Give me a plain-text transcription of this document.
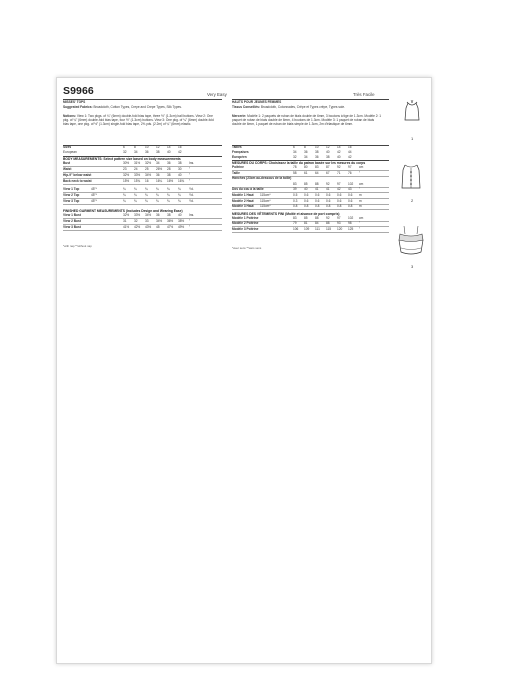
S9966	Very Easy	Très Facile
MISSES' TOPS
Suggested Fabrics: Broadcloth, Cotton Types, Crepe and Crepe Types, Silk Types.
Notions: View 1: Two pkgs. of ¼" (6mm) double-fold bias tape, three ½" (1.3cm) ball buttons. View 2: One pkg. of ¼" (6mm) double-fold bias tape, four ½" (1.3cm) buttons. View 3: One pkg. of ¼" (6mm) double-fold bias tape, one pkg. of ½" (1.3cm) single-fold bias tape, 2⅜ yds. (2.2m) of ¼" (6mm) elastic.
HAUTS POUR JEUNES FEMMES
Tissus Conseillés: Broadclotb, Cotonnades, Crêpe et Types crêpe, Types soie.
Mercerie: Modèle 1: 2 paquets de ruban de biais double de 6mm, 3 boutons à tige de 1.3cm. Modèle 2: 1 paquet de ruban de biais double de 6mm, 4 boutons de 1.3cm. Modèle 3: 1 paquet de ruban de biais double de 6mm, 1 paquet de ruban de biais simple de 1.3cm, 2m d'élastique de 6mm.
Sizes	6	8	10 12 14 16
European	32 34 36 38 40 42
BODY MEASUREMENTS: Select pattern size based on body measurements
Bust	30½ 31½ 32½ 34 36 38 Ins.
Waist	23 24 25 26½ 28 30 "
Hip-9" below waist	32½ 33½ 34½ 36 38 40 "
Back neck to waist	15½ 15¾ 16 16¼ 16½ 16¾ "
View 1 Top	45"*	¾	¾	¾	¾	¾	¾	Yd.
View 2 Top	45"*	¾	¾	¾	¾	¾	¾	Yd.
View 3 Top	45"*	¾	¾	¾	¾	¾	¾	Yd.
FINISHED GARMENT MEASUREMENTS (Includes Design and Wearing Ease)
View 1 Bust	32½ 33½ 34½ 36 38 40 Ins.
View 2 Bust	31 32 33 34½ 36½ 38½ "
View 3 Bust	41½ 42½ 43½ 45 47½ 49½ "
*with nap **without nap
Tailles	6	8	10 12 14 16
Françaises	34 36 38 40 42 44
Européen	32 34 36 38 40 42
MESURES DU CORPS: Choisissez la taille du patron basée sur les mesures du corps
Poitrine	78 80 83 87 92 97 cm
Taille	58 61 64 67 71 76 "
Hanches (23cm au-dessous de la taille)
83 85 88 92 97 102 cm
Dos du cou à la taille	39 40 41 41 42 43 "
Modèle 1 Haut 115cm*	0.5 0.6 0.6 0.6 0.6 0.6 m
Modèle 2 Haut 115cm*	0.3 0.6 0.6 0.6 0.6 0.6 m
Modèle 3 Haut 115cm*	0.8 0.8 0.8 0.8 0.8 0.8 m
MESURES DES VÊTEMENTS FINI (Moitié et aisance de port compris)
Modèle 1 Poitrine	83 85 88 92 97 102 cm
Modèle 2 Poitrine	79 81 84 88 93 98 "
Modèle 3 Poitrine	106 109 111 115 120 125 "
*avec sens **sans sens
1
2
3
